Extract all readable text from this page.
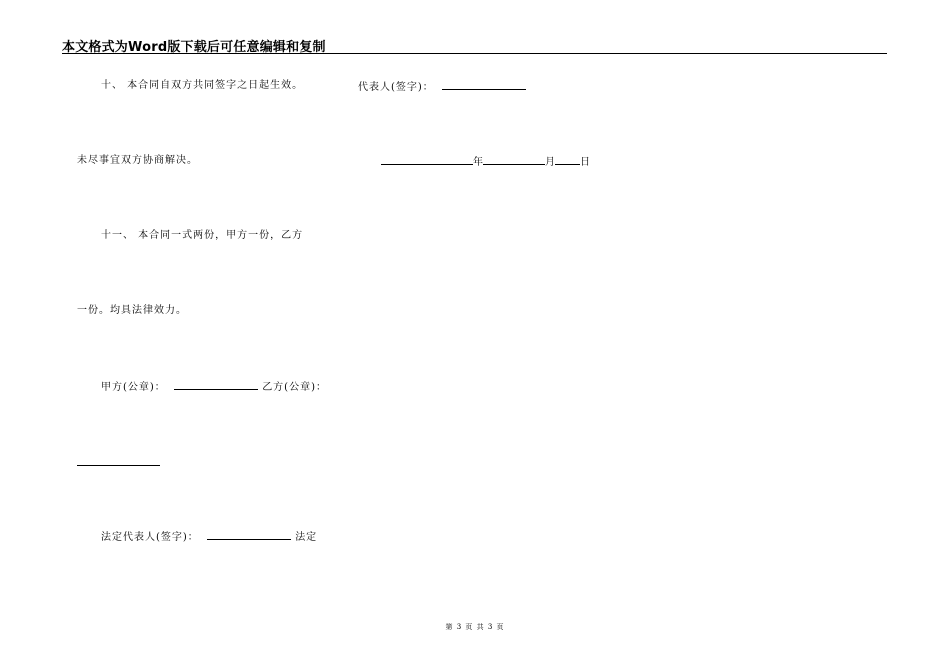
本文格式为Word版下载后可任意编辑和复制
十、 本合同自双方共同签字之日起生效。	代表人(签字)：
未尽事宜双方协商解决。	年	月	日
十一、 本合同一式两份，甲方一份，乙方
一份。均具法律效力。
甲方(公章)：	乙方(公章)：
法定代表人(签字)：	法定
第 3 页 共 3 页
